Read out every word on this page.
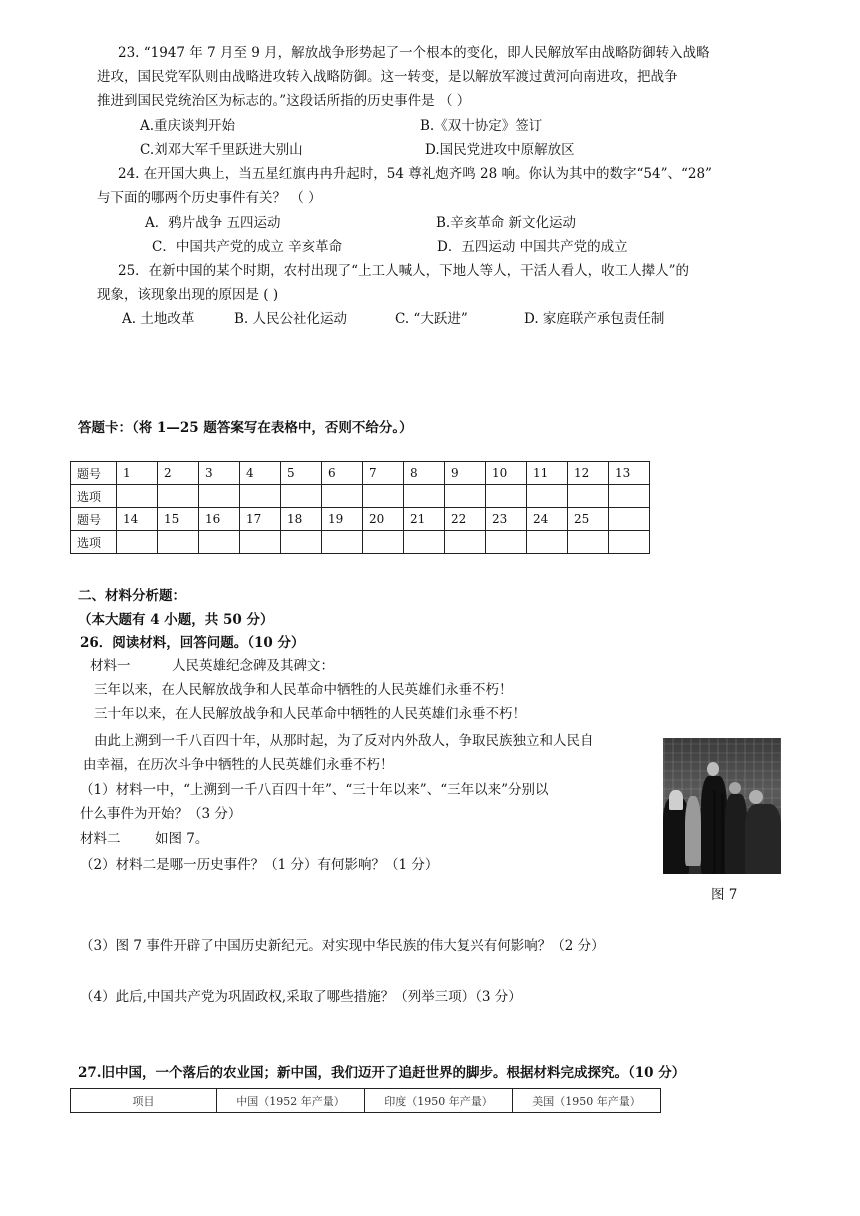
23. “1947 年 7 月至 9 月，解放战争形势起了一个根本的变化，即人民解放军由战略防御转入战略
进攻，国民党军队则由战略进攻转入战略防御。这一转变，是以解放军渡过黄河向南进攻，把战争
推进到国民党统治区为标志的。”这段话所指的历史事件是 （ ）
A.重庆谈判开始	B.《双十协定》签订
C.刘邓大军千里跃进大别山	D.国民党进攻中原解放区
24. 在开国大典上，当五星红旗冉冉升起时，54 尊礼炮齐鸣 28 响。你认为其中的数字“54”、“28”
与下面的哪两个历史事件有关？ （ ）
A．鸦片战争 五四运动	B.辛亥革命 新文化运动
C．中国共产党的成立 辛亥革命	D．五四运动 中国共产党的成立
25．在新中国的某个时期，农村出现了“上工人喊人，下地人等人，干活人看人，收工人撵人”的
现象，该现象出现的原因是 ( )
A. 土地改革	B. 人民公社化运动	C. “大跃进”	D. 家庭联产承包责任制
答题卡：（将 1—25 题答案写在表格中，否则不给分。）
题号	1	2	3	4	5	6	7	8	9	10	11	12	13
选项													
题号	14	15	16	17	18	19	20	21	22	23	24	25	
选项													
二、材料分析题：
（本大题有 4 小题，共 50 分）
26．阅读材料，回答问题。（10 分）
材料一	人民英雄纪念碑及其碑文：
三年以来，在人民解放战争和人民革命中牺牲的人民英雄们永垂不朽！
三十年以来，在人民解放战争和人民革命中牺牲的人民英雄们永垂不朽！
由此上溯到一千八百四十年，从那时起，为了反对内外敌人，争取民族独立和人民自
由幸福，在历次斗争中牺牲的人民英雄们永垂不朽！
（1）材料一中，“上溯到一千八百四十年”、“三十年以来”、“三年以来”分别以
什么事件为开始？（3 分）
材料二	如图 7。
（2）材料二是哪一历史事件？（1 分）有何影响？（1 分）
图 7
（3）图 7 事件开辟了中国历史新纪元。对实现中华民族的伟大复兴有何影响？（2 分）
（4）此后,中国共产党为巩固政权,采取了哪些措施？（列举三项）（3 分）
27.旧中国，一个落后的农业国；新中国，我们迈开了追赶世界的脚步。根据材料完成探究。（10 分）
项目	中国（1952 年产量）	印度（1950 年产量）	美国（1950 年产量）
